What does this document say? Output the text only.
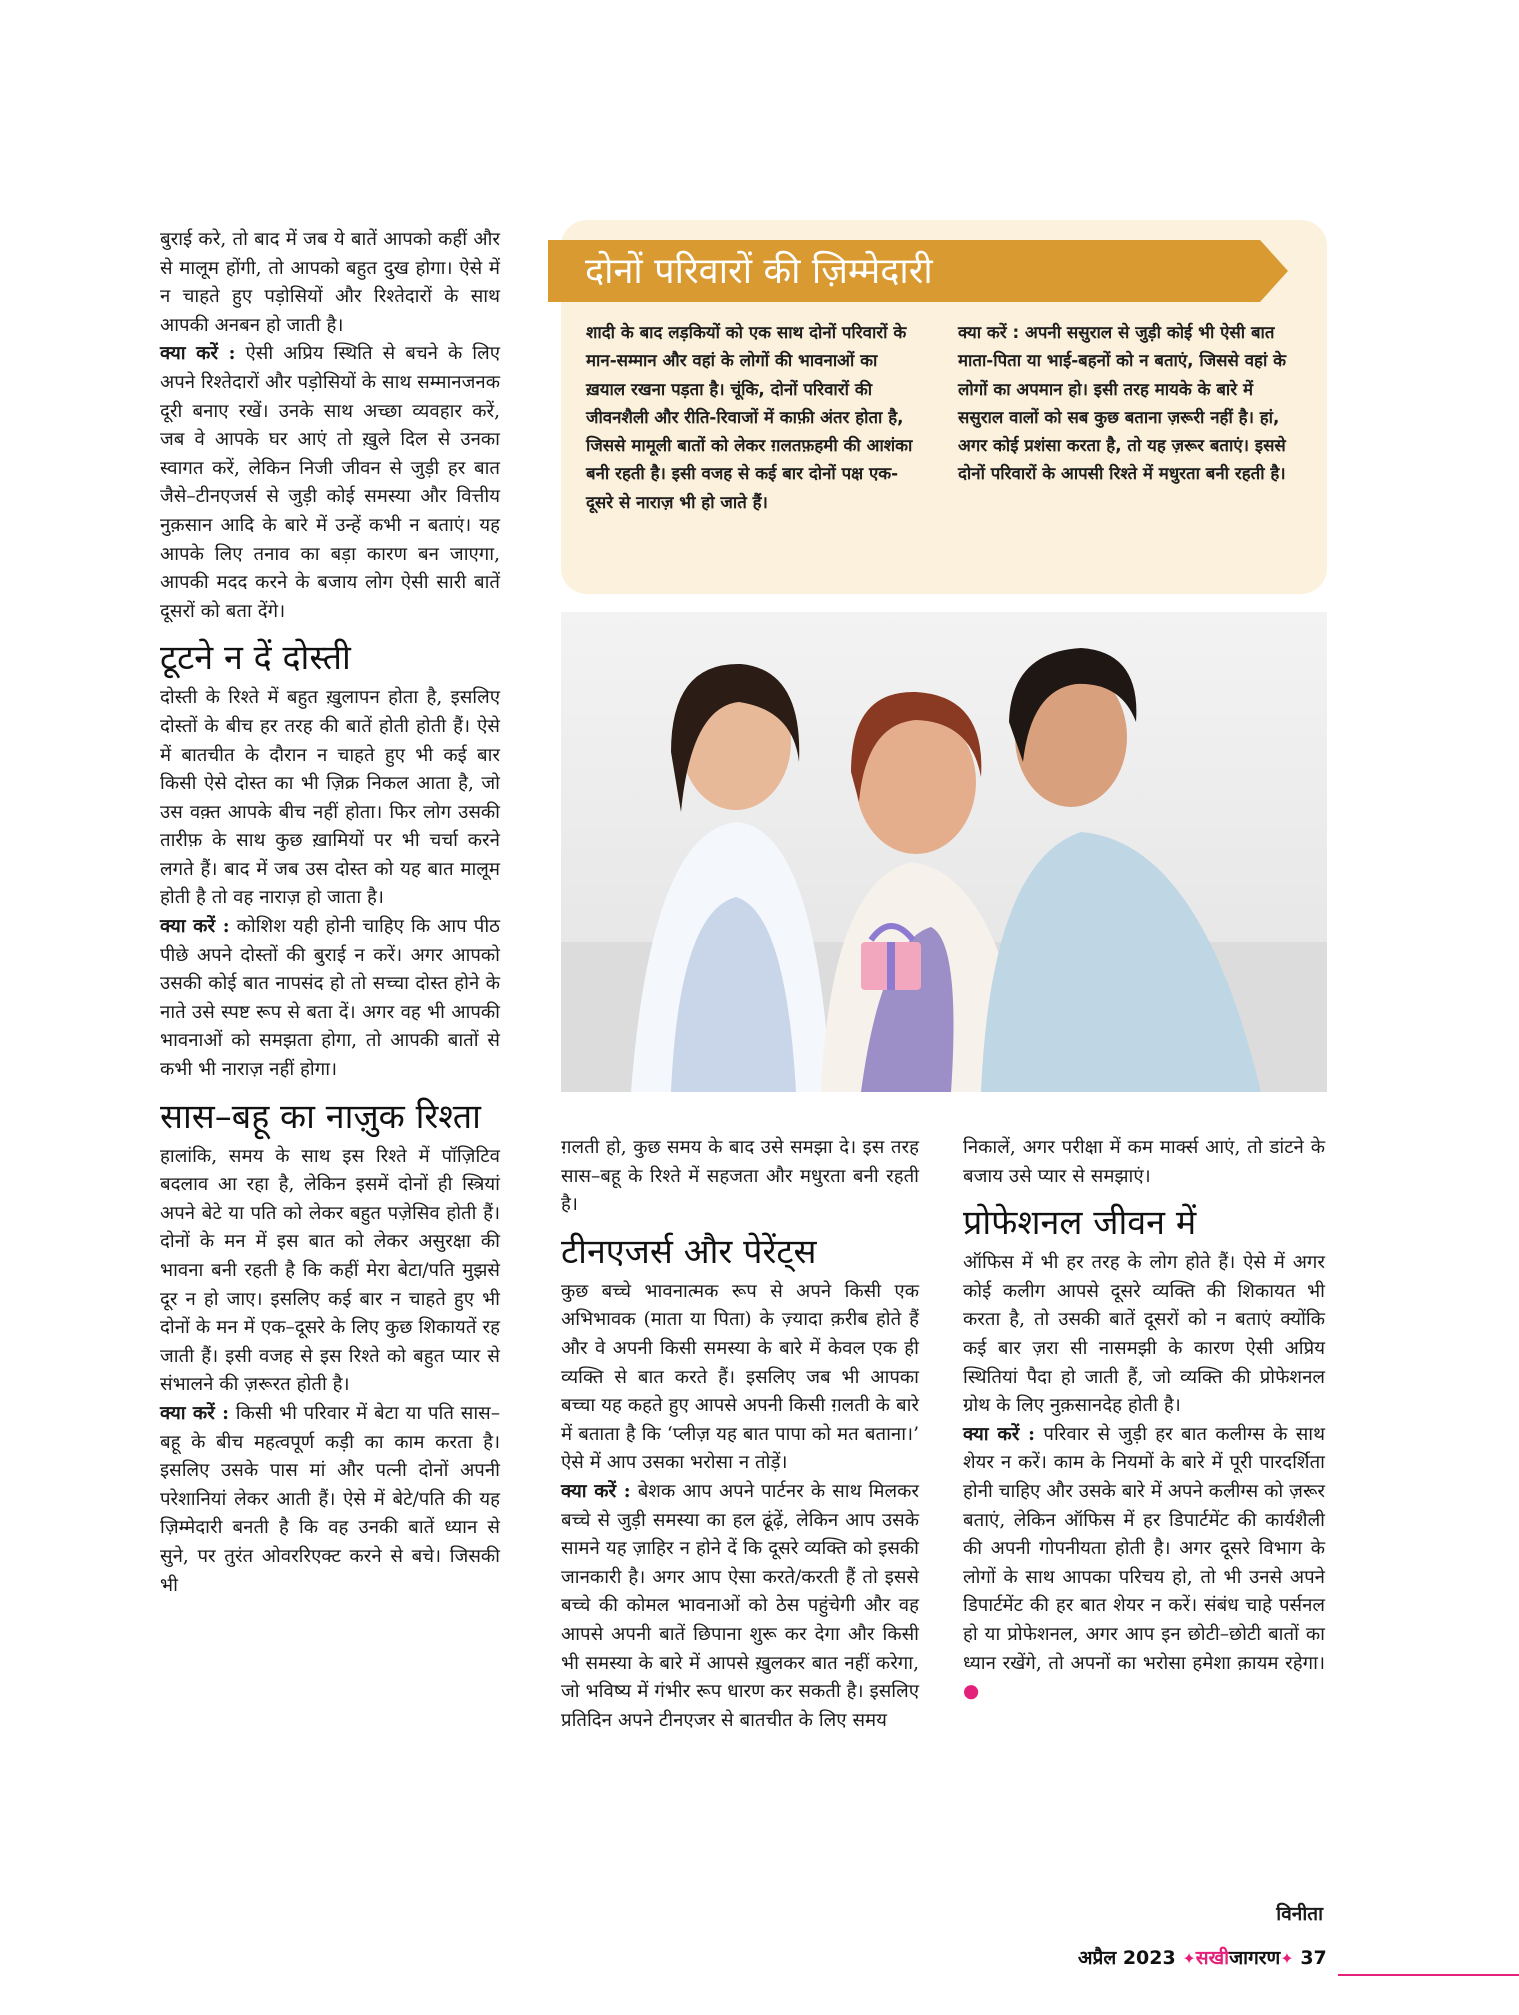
बुराई करे, तो बाद में जब ये बातें आपको कहीं और से मालूम होंगी, तो आपको बहुत दुख होगा। ऐसे में न चाहते हुए पड़ोसियों और रिश्तेदारों के साथ आपकी अनबन हो जाती है।

क्या करें : ऐसी अप्रिय स्थिति से बचने के लिए अपने रिश्तेदारों और पड़ोसियों के साथ सम्मानजनक दूरी बनाए रखें। उनके साथ अच्छा व्यवहार करें, जब वे आपके घर आएं तो ख़ुले दिल से उनका स्वागत करें, लेकिन निजी जीवन से जुड़ी हर बात जैसे–टीनएजर्स से जुड़ी कोई समस्या और वित्तीय नुक़सान आदि के बारे में उन्हें कभी न बताएं। यह आपके लिए तनाव का बड़ा कारण बन जाएगा, आपकी मदद करने के बजाय लोग ऐसी सारी बातें दूसरों को बता देंगे।

टूटने न दें दोस्ती

दोस्ती के रिश्ते में बहुत ख़ुलापन होता है, इसलिए दोस्तों के बीच हर तरह की बातें होती होती हैं। ऐसे में बातचीत के दौरान न चाहते हुए भी कई बार किसी ऐसे दोस्त का भी ज़िक्र निकल आता है, जो उस वक़्त आपके बीच नहीं होता। फिर लोग उसकी तारीफ़ के साथ कुछ ख़ामियों पर भी चर्चा करने लगते हैं। बाद में जब उस दोस्त को यह बात मालूम होती है तो वह नाराज़ हो जाता है।

क्या करें : कोशिश यही होनी चाहिए कि आप पीठ पीछे अपने दोस्तों की बुराई न करें। अगर आपको उसकी कोई बात नापसंद हो तो सच्चा दोस्त होने के नाते उसे स्पष्ट रूप से बता दें। अगर वह भी आपकी भावनाओं को समझता होगा, तो आपकी बातों से कभी भी नाराज़ नहीं होगा।

सास–बहू का नाज़ुक रिश्ता

हालांकि, समय के साथ इस रिश्ते में पॉज़िटिव बदलाव आ रहा है, लेकिन इसमें दोनों ही स्त्रियां अपने बेटे या पति को लेकर बहुत पज़ेसिव होती हैं। दोनों के मन में इस बात को लेकर असुरक्षा की भावना बनी रहती है कि कहीं मेरा बेटा/पति मुझसे दूर न हो जाए। इसलिए कई बार न चाहते हुए भी दोनों के मन में एक–दूसरे के लिए कुछ शिकायतें रह जाती हैं। इसी वजह से इस रिश्ते को बहुत प्यार से संभालने की ज़रूरत होती है।

क्या करें : किसी भी परिवार में बेटा या पति सास–बहू के बीच महत्वपूर्ण कड़ी का काम करता है। इसलिए उसके पास मां और पत्नी दोनों अपनी परेशानियां लेकर आती हैं। ऐसे में बेटे/पति की यह ज़िम्मेदारी बनती है कि वह उनकी बातें ध्यान से सुने, पर तुरंत ओवररिएक्ट करने से बचे। जिसकी भी

दोनों परिवारों की ज़िम्मेदारी

शादी के बाद लड़कियों को एक साथ दोनों परिवारों के मान-सम्मान और वहां के लोगों की भावनाओं का ख़याल रखना पड़ता है। चूंकि, दोनों परिवारों की जीवनशैली और रीति-रिवाजों में काफ़ी अंतर होता है, जिससे मामूली बातों को लेकर ग़लतफ़हमी की आशंका बनी रहती है। इसी वजह से कई बार दोनों पक्ष एक-दूसरे से नाराज़ भी हो जाते हैं।

क्या करें : अपनी ससुराल से जुड़ी कोई भी ऐसी बात माता-पिता या भाई-बहनों को न बताएं, जिससे वहां के लोगों का अपमान हो। इसी तरह मायके के बारे में ससुराल वालों को सब कुछ बताना ज़रूरी नहीं है। हां, अगर कोई प्रशंसा करता है, तो यह ज़रूर बताएं। इससे दोनों परिवारों के आपसी रिश्ते में मधुरता बनी रहती है।

ग़लती हो, कुछ समय के बाद उसे समझा दे। इस तरह सास–बहू के रिश्ते में सहजता और मधुरता बनी रहती है।

टीनएजर्स और पेरेंट्स

कुछ बच्चे भावनात्मक रूप से अपने किसी एक अभिभावक (माता या पिता) के ज़्यादा क़रीब होते हैं और वे अपनी किसी समस्या के बारे में केवल एक ही व्यक्ति से बात करते हैं। इसलिए जब भी आपका बच्चा यह कहते हुए आपसे अपनी किसी ग़लती के बारे में बताता है कि ‘प्लीज़ यह बात पापा को मत बताना।’ ऐसे में आप उसका भरोसा न तोड़ें।

क्या करें : बेशक आप अपने पार्टनर के साथ मिलकर बच्चे से जुड़ी समस्या का हल ढूंढ़ें, लेकिन आप उसके सामने यह ज़ाहिर न होने दें कि दूसरे व्यक्ति को इसकी जानकारी है। अगर आप ऐसा करते/करती हैं तो इससे बच्चे की कोमल भावनाओं को ठेस पहुंचेगी और वह आपसे अपनी बातें छिपाना शुरू कर देगा और किसी भी समस्या के बारे में आपसे ख़ुलकर बात नहीं करेगा, जो भविष्य में गंभीर रूप धारण कर सकती है। इसलिए प्रतिदिन अपने टीनएजर से बातचीत के लिए समय

निकालें, अगर परीक्षा में कम मार्क्स आएं, तो डांटने के बजाय उसे प्यार से समझाएं।

प्रोफेशनल जीवन में

ऑफिस में भी हर तरह के लोग होते हैं। ऐसे में अगर कोई कलीग आपसे दूसरे व्यक्ति की शिकायत भी करता है, तो उसकी बातें दूसरों को न बताएं क्योंकि कई बार ज़रा सी नासमझी के कारण ऐसी अप्रिय स्थितियां पैदा हो जाती हैं, जो व्यक्ति की प्रोफेशनल ग्रोथ के लिए नुक़सानदेह होती है।

क्या करें : परिवार से जुड़ी हर बात कलीग्स के साथ शेयर न करें। काम के नियमों के बारे में पूरी पारदर्शिता होनी चाहिए और उसके बारे में अपने कलीग्स को ज़रूर बताएं, लेकिन ऑफिस में हर डिपार्टमेंट की कार्यशैली की अपनी गोपनीयता होती है। अगर दूसरे विभाग के लोगों के साथ आपका परिचय हो, तो भी उनसे अपने डिपार्टमेंट की हर बात शेयर न करें। संबंध चाहे पर्सनल हो या प्रोफेशनल, अगर आप इन छोटी–छोटी बातों का ध्यान रखेंगे, तो अपनों का भरोसा हमेशा क़ायम रहेगा। ●

विनीता
अप्रैल 2023 ✦सखीजागरण✦ 37
